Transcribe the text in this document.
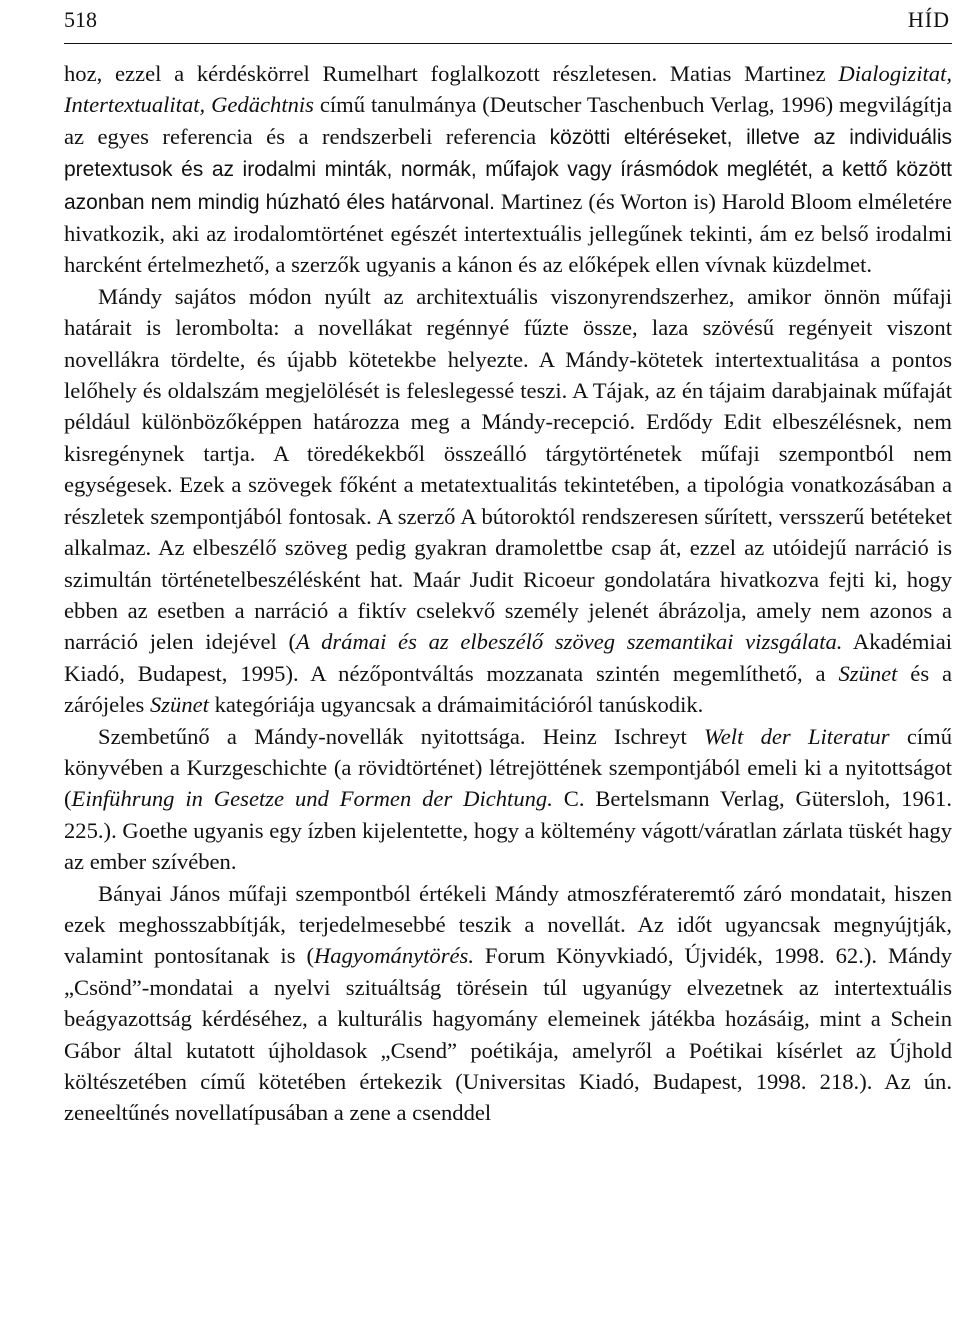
518	HÍD

hoz, ezzel a kérdéskörrel Rumelhart foglalkozott részletesen. Matias Martinez Dialogizitat, Intertextualitat, Gedächtnis című tanulmánya (Deutscher Taschenbuch Verlag, 1996) megvilágítja az egyes referencia és a rendszerbeli referencia közötti eltéréseket, illetve az individuális pretextusok és az irodalmi minták, normák, műfajok vagy írásmódok meglétét, a kettő között azonban nem mindig húzható éles határvonal. Martinez (és Worton is) Harold Bloom elméletére hivatkozik, aki az irodalomtörténet egészét intertextuális jellegűnek tekinti, ám ez belső irodalmi harcként értelmezhető, a szerzők ugyanis a kánon és az előképek ellen vívnak küzdelmet.

Mándy sajátos módon nyúlt az architextuális viszonyrendszerhez, amikor önnön műfaji határait is lerombolta: a novellákat regénnyé fűzte össze, laza szövésű regényeit viszont novellákra tördelte, és újabb kötetekbe helyezte. A Mándy-kötetek intertextualitása a pontos lelőhely és oldalszám megjelölését is feleslegessé teszi. A Tájak, az én tájaim darabjainak műfaját például különbözőképpen határozza meg a Mándy-recepció. Erdődy Edit elbeszélésnek, nem kisregénynek tartja. A töredékekből összeálló tárgytörténetek műfaji szempontból nem egységesek. Ezek a szövegek főként a metatextualitás tekintetében, a tipológia vonatkozásában a részletek szempontjából fontosak. A szerző A bútoroktól rendszeresen sűrített, versszerű betéteket alkalmaz. Az elbeszélő szöveg pedig gyakran dramolettbe csap át, ezzel az utóidejű narráció is szimultán történetelbeszélésként hat. Maár Judit Ricoeur gondolatára hivatkozva fejti ki, hogy ebben az esetben a narráció a fiktív cselekvő személy jelenét ábrázolja, amely nem azonos a narráció jelen idejével (A drámai és az elbeszélő szöveg szemantikai vizsgálata. Akadémiai Kiadó, Budapest, 1995). A nézőpontváltás mozzanata szintén megemlíthető, a Szünet és a zárójeles Szünet kategóriája ugyancsak a drámaimitációról tanúskodik.

Szembetűnő a Mándy-novellák nyitottsága. Heinz Ischreyt Welt der Literatur című könyvében a Kurzgeschichte (a rövidtörténet) létrejöttének szempontjából emeli ki a nyitottságot (Einführung in Gesetze und Formen der Dichtung. C. Bertelsmann Verlag, Gütersloh, 1961. 225.). Goethe ugyanis egy ízben kijelentette, hogy a költemény vágott/váratlan zárlata tüskét hagy az ember szívében.

Bányai János műfaji szempontból értékeli Mándy atmoszférateremtő záró mondatait, hiszen ezek meghosszabbítják, terjedelmesebbé teszik a novellát. Az időt ugyancsak megnyújtják, valamint pontosítanak is (Hagyománytörés. Forum Könyvkiadó, Újvidék, 1998. 62.). Mándy „Csönd”-mondatai a nyelvi szituáltság törésein túl ugyanúgy elvezetnek az intertextuális beágyazottság kérdéséhez, a kulturális hagyomány elemeinek játékba hozásáig, mint a Schein Gábor által kutatott újholdasok „Csend” poétikája, amelyről a Poétikai kísérlet az Újhold költészetében című kötetében értekezik (Universitas Kiadó, Budapest, 1998. 218.). Az ún. zeneeltűnés novellatípusában a zene a csenddel
